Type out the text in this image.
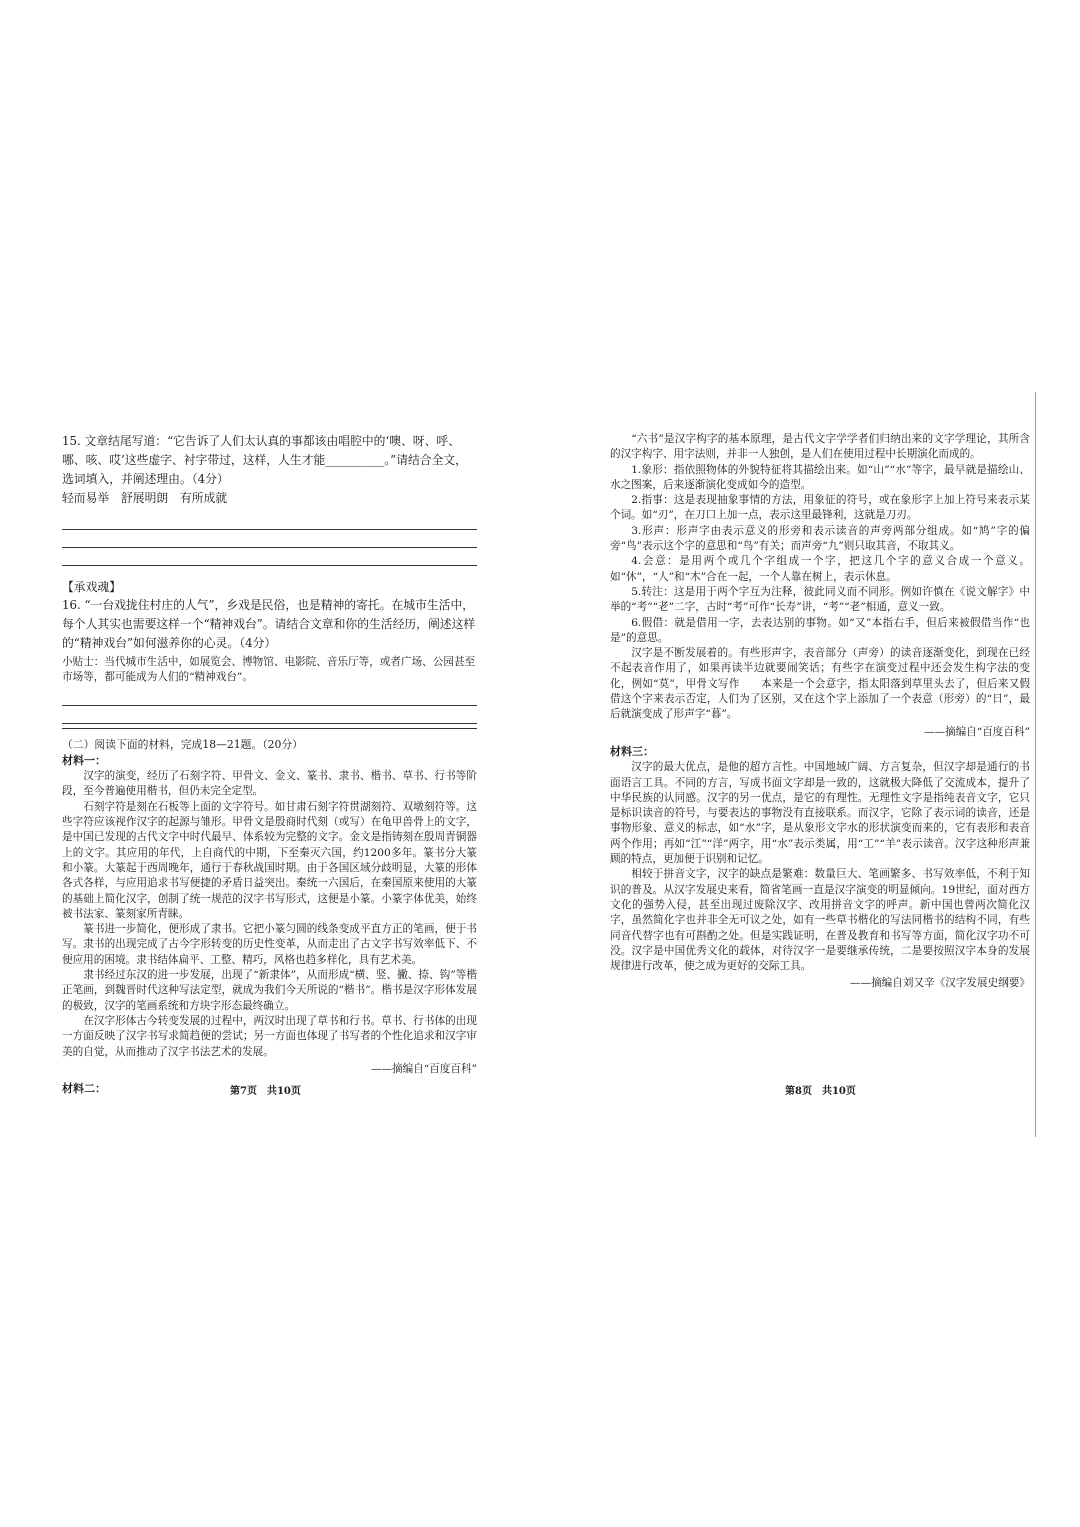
15. 文章结尾写道：“它告诉了人们太认真的事都该由唱腔中的‘噢、呀、呼、哪、咳、哎’这些虚字、衬字带过，这样，人生才能__________。”请结合全文，选词填入，并阐述理由。（4分）

轻而易举　舒展明朗　有所成就
【承戏魂】

16. “一台戏拢住村庄的人气”，乡戏是民俗，也是精神的寄托。在城市生活中，每个人其实也需要这样一个“精神戏台”。请结合文章和你的生活经历，阐述这样的“精神戏台”如何滋养你的心灵。（4分）

小贴士：当代城市生活中，如展览会、博物馆、电影院、音乐厅等，或者广场、公园甚至市场等，都可能成为人们的“精神戏台”。
（二）阅读下面的材料，完成18—21题。（20分）
材料一：

汉字的演变，经历了石刻字符、甲骨文、金文、篆书、隶书、楷书、草书、行书等阶段，至今普遍使用楷书，但仍未完全定型。

石刻字符是刻在石板等上面的文字符号。如甘肃石刻字符贯湖刻符、双墩刻符等。这些字符应该视作汉字的起源与雏形。甲骨文是殷商时代刻（或写）在龟甲兽骨上的文字，是中国已发现的古代文字中时代最早、体系较为完整的文字。金文是指铸刻在殷周青铜器上的文字。其应用的年代，上自商代的中期，下至秦灭六国，约1200多年。篆书分大篆和小篆。大篆起于西周晚年，通行于春秋战国时期。由于各国区域分歧明显，大篆的形体各式各样，与应用追求书写便捷的矛盾日益突出。秦统一六国后，在秦国原来使用的大篆的基础上简化汉字，创制了统一规范的汉字书写形式，这便是小篆。小篆字体优美，始终被书法家、篆刻家所青睐。

篆书进一步简化，便形成了隶书。它把小篆匀圆的线条变成平直方正的笔画，便于书写。隶书的出现完成了古今字形转变的历史性变革，从而走出了古文字书写效率低下、不便应用的困境。隶书结体扁平、工整、精巧，风格也趋多样化，具有艺术美。

隶书经过东汉的进一步发展，出现了“新隶体”，从而形成“横、竖、撇、捺、钩”等楷正笔画，到魏晋时代这种写法定型，就成为我们今天所说的“楷书”。楷书是汉字形体发展的极致，汉字的笔画系统和方块字形态最终确立。

在汉字形体古今转变发展的过程中，两汉时出现了草书和行书。草书、行书体的出现一方面反映了汉字书写求简趋便的尝试；另一方面也体现了书写者的个性化追求和汉字审美的自觉，从而推动了汉字书法艺术的发展。

——摘编自“百度百科”
材料二：	第7页　共10页

“六书”是汉字构字的基本原理，是古代文字学学者们归纳出来的文字学理论，其所含的汉字构字、用字法则，并非一人独创，是人们在使用过程中长期演化而成的。

1.象形：指依照物体的外貌特征将其描绘出来。如“山”“水”等字，最早就是描绘山、水之图案，后来逐渐演化变成如今的造型。

2.指事：这是表现抽象事情的方法，用象征的符号，或在象形字上加上符号来表示某个词。如“刃”，在刀口上加一点，表示这里最锋利，这就是刀刃。

3.形声：形声字由表示意义的形旁和表示读音的声旁两部分组成。如“鸠”字的偏旁“鸟”表示这个字的意思和“鸟”有关；而声旁“九”则只取其音，不取其义。

4.会意：是用两个或几个字组成一个字，把这几个字的意义合成一个意义。如“休”，“人”和“木”合在一起，一个人靠在树上，表示休息。

5.转注：这是用于两个字互为注释，彼此同义而不同形。例如许慎在《说文解字》中举的“考”“老”二字，古时“考”可作“长寿”讲，“考”“老”相通，意义一致。

6.假借：就是借用一字，去表达别的事物。如“又”本指右手，但后来被假借当作“也是”的意思。

汉字是不断发展着的。有些形声字，表音部分（声旁）的读音逐渐变化，到现在已经不起表音作用了，如果再读半边就要闹笑话；有些字在演变过程中还会发生构字法的变化，例如“莫”，甲骨文写作　　本来是一个会意字，指太阳落到草里头去了，但后来又假借这个字来表示否定，人们为了区别，又在这个字上添加了一个表意（形旁）的“日”，最后就演变成了形声字“暮”。

——摘编自“百度百科”
材料三：

汉字的最大优点，是他的超方言性。中国地域广阔、方言复杂，但汉字却是通行的书面语言工具。不同的方言，写成书面文字却是一致的，这就极大降低了交流成本，提升了中华民族的认同感。汉字的另一优点，是它的有理性。无理性文字是指纯表音文字，它只是标识读音的符号，与要表达的事物没有直接联系。而汉字，它除了表示词的读音，还是事物形象、意义的标志，如“水”字，是从象形文字水的形状演变而来的，它有表形和表音两个作用；再如“江”“洋”两字，用“水”表示类属，用“工”“羊”表示读音。汉字这种形声兼顾的特点，更加便于识别和记忆。

相较于拼音文字，汉字的缺点是繁难：数量巨大、笔画繁多、书写效率低，不利于知识的普及。从汉字发展史来看，简省笔画一直是汉字演变的明显倾向。19世纪，面对西方文化的强势入侵，甚至出现过废除汉字、改用拼音文字的呼声。新中国也曾两次简化汉字，虽然简化字也并非全无可议之处，如有一些草书楷化的写法同楷书的结构不同，有些同音代替字也有可斟酌之处。但是实践证明，在普及教育和书写等方面，简化汉字功不可没。汉字是中国优秀文化的载体，对待汉字一是要继承传统，二是要按照汉字本身的发展规律进行改革，使之成为更好的交际工具。

——摘编自刘又辛《汉字发展史纲要》
第8页　共10页
